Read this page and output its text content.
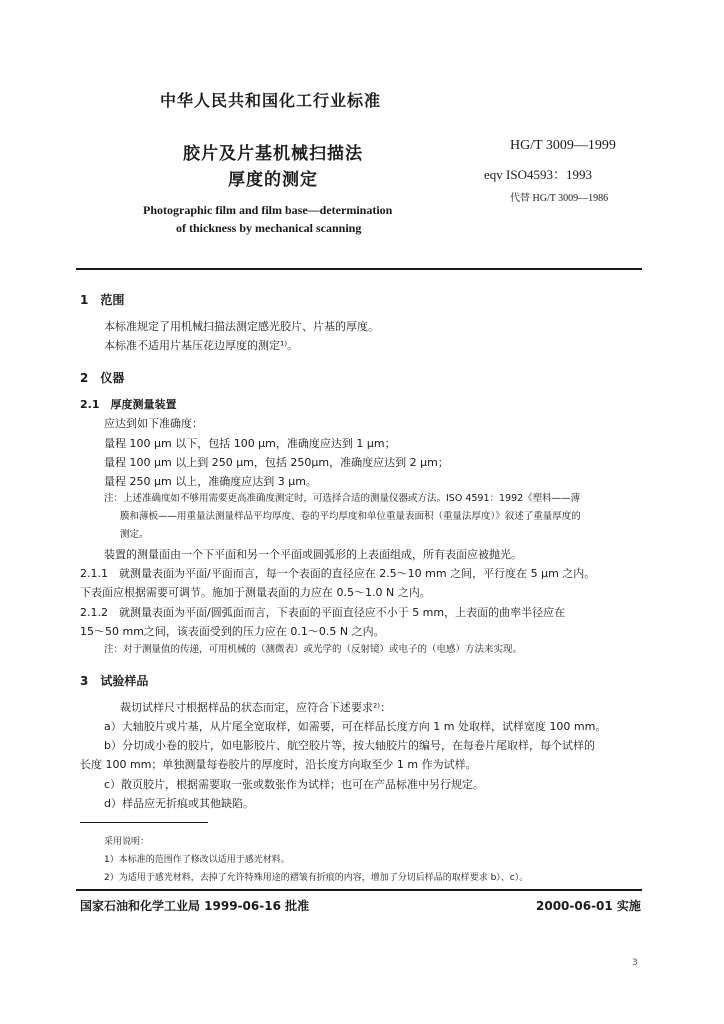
中华人民共和国化工行业标准
胶片及片基机械扫描法
厚度的测定
HG/T 3009—1999
eqv ISO4593：1993
代替 HG/T 3009—1986
Photographic film and film base—determination
of thickness by mechanical scanning
1　范围
本标准规定了用机械扫描法测定感光胶片、片基的厚度。
本标准不适用片基压花边厚度的测定¹⁾。
2　仪器
2.1　厚度测量装置
应达到如下准确度：
量程 100 μm 以下，包括 100 μm，准确度应达到 1 μm；
量程 100 μm 以上到 250 μm，包括 250μm，准确度应达到 2 μm；
量程 250 μm 以上，准确度应达到 3 μm。
注：上述准确度如不够用需要更高准确度测定时，可选择合适的测量仪器或方法。ISO 4591：1992《塑料——薄
膜和薄板——用重量法测量样品平均厚度、卷的平均厚度和单位重量表面积（重量法厚度）》叙述了重量厚度的
测定。
装置的测量面由一个下平面和另一个平面或圆弧形的上表面组成，所有表面应被抛光。
2.1.1　就测量表面为平面/平面而言，每一个表面的直径应在 2.5～10 mm 之间，平行度在 5 μm 之内。
下表面应根据需要可调节。施加于测量表面的力应在 0.5～1.0 N 之内。
2.1.2　就测量表面为平面/圆弧面而言，下表面的平面直径应不小于 5 mm，上表面的曲率半径应在
15～50 mm之间，该表面受到的压力应在 0.1～0.5 N 之内。
注：对于测量值的传递，可用机械的（测微表）或光学的（反射镜）或电子的（电感）方法来实现。
3　试验样品
裁切试样尺寸根据样品的状态而定，应符合下述要求²⁾：
a）大轴胶片或片基，从片尾全宽取样，如需要，可在样品长度方向 1 m 处取样，试样宽度 100 mm。
b）分切成小卷的胶片，如电影胶片、航空胶片等，按大轴胶片的编号，在每卷片尾取样，每个试样的
长度 100 mm；单独测量每卷胶片的厚度时，沿长度方向取至少 1 m 作为试样。
c）散页胶片，根据需要取一张或数张作为试样；也可在产品标准中另行规定。
d）样品应无折痕或其他缺陷。
采用说明：
1）本标准的范围作了修改以适用于感光材料。
2）为适用于感光材料，去掉了允许特殊用途的褶皱有折痕的内容，增加了分切后样品的取样要求 b）、c）。
国家石油和化学工业局 1999-06-16 批准	2000-06-01 实施
3
